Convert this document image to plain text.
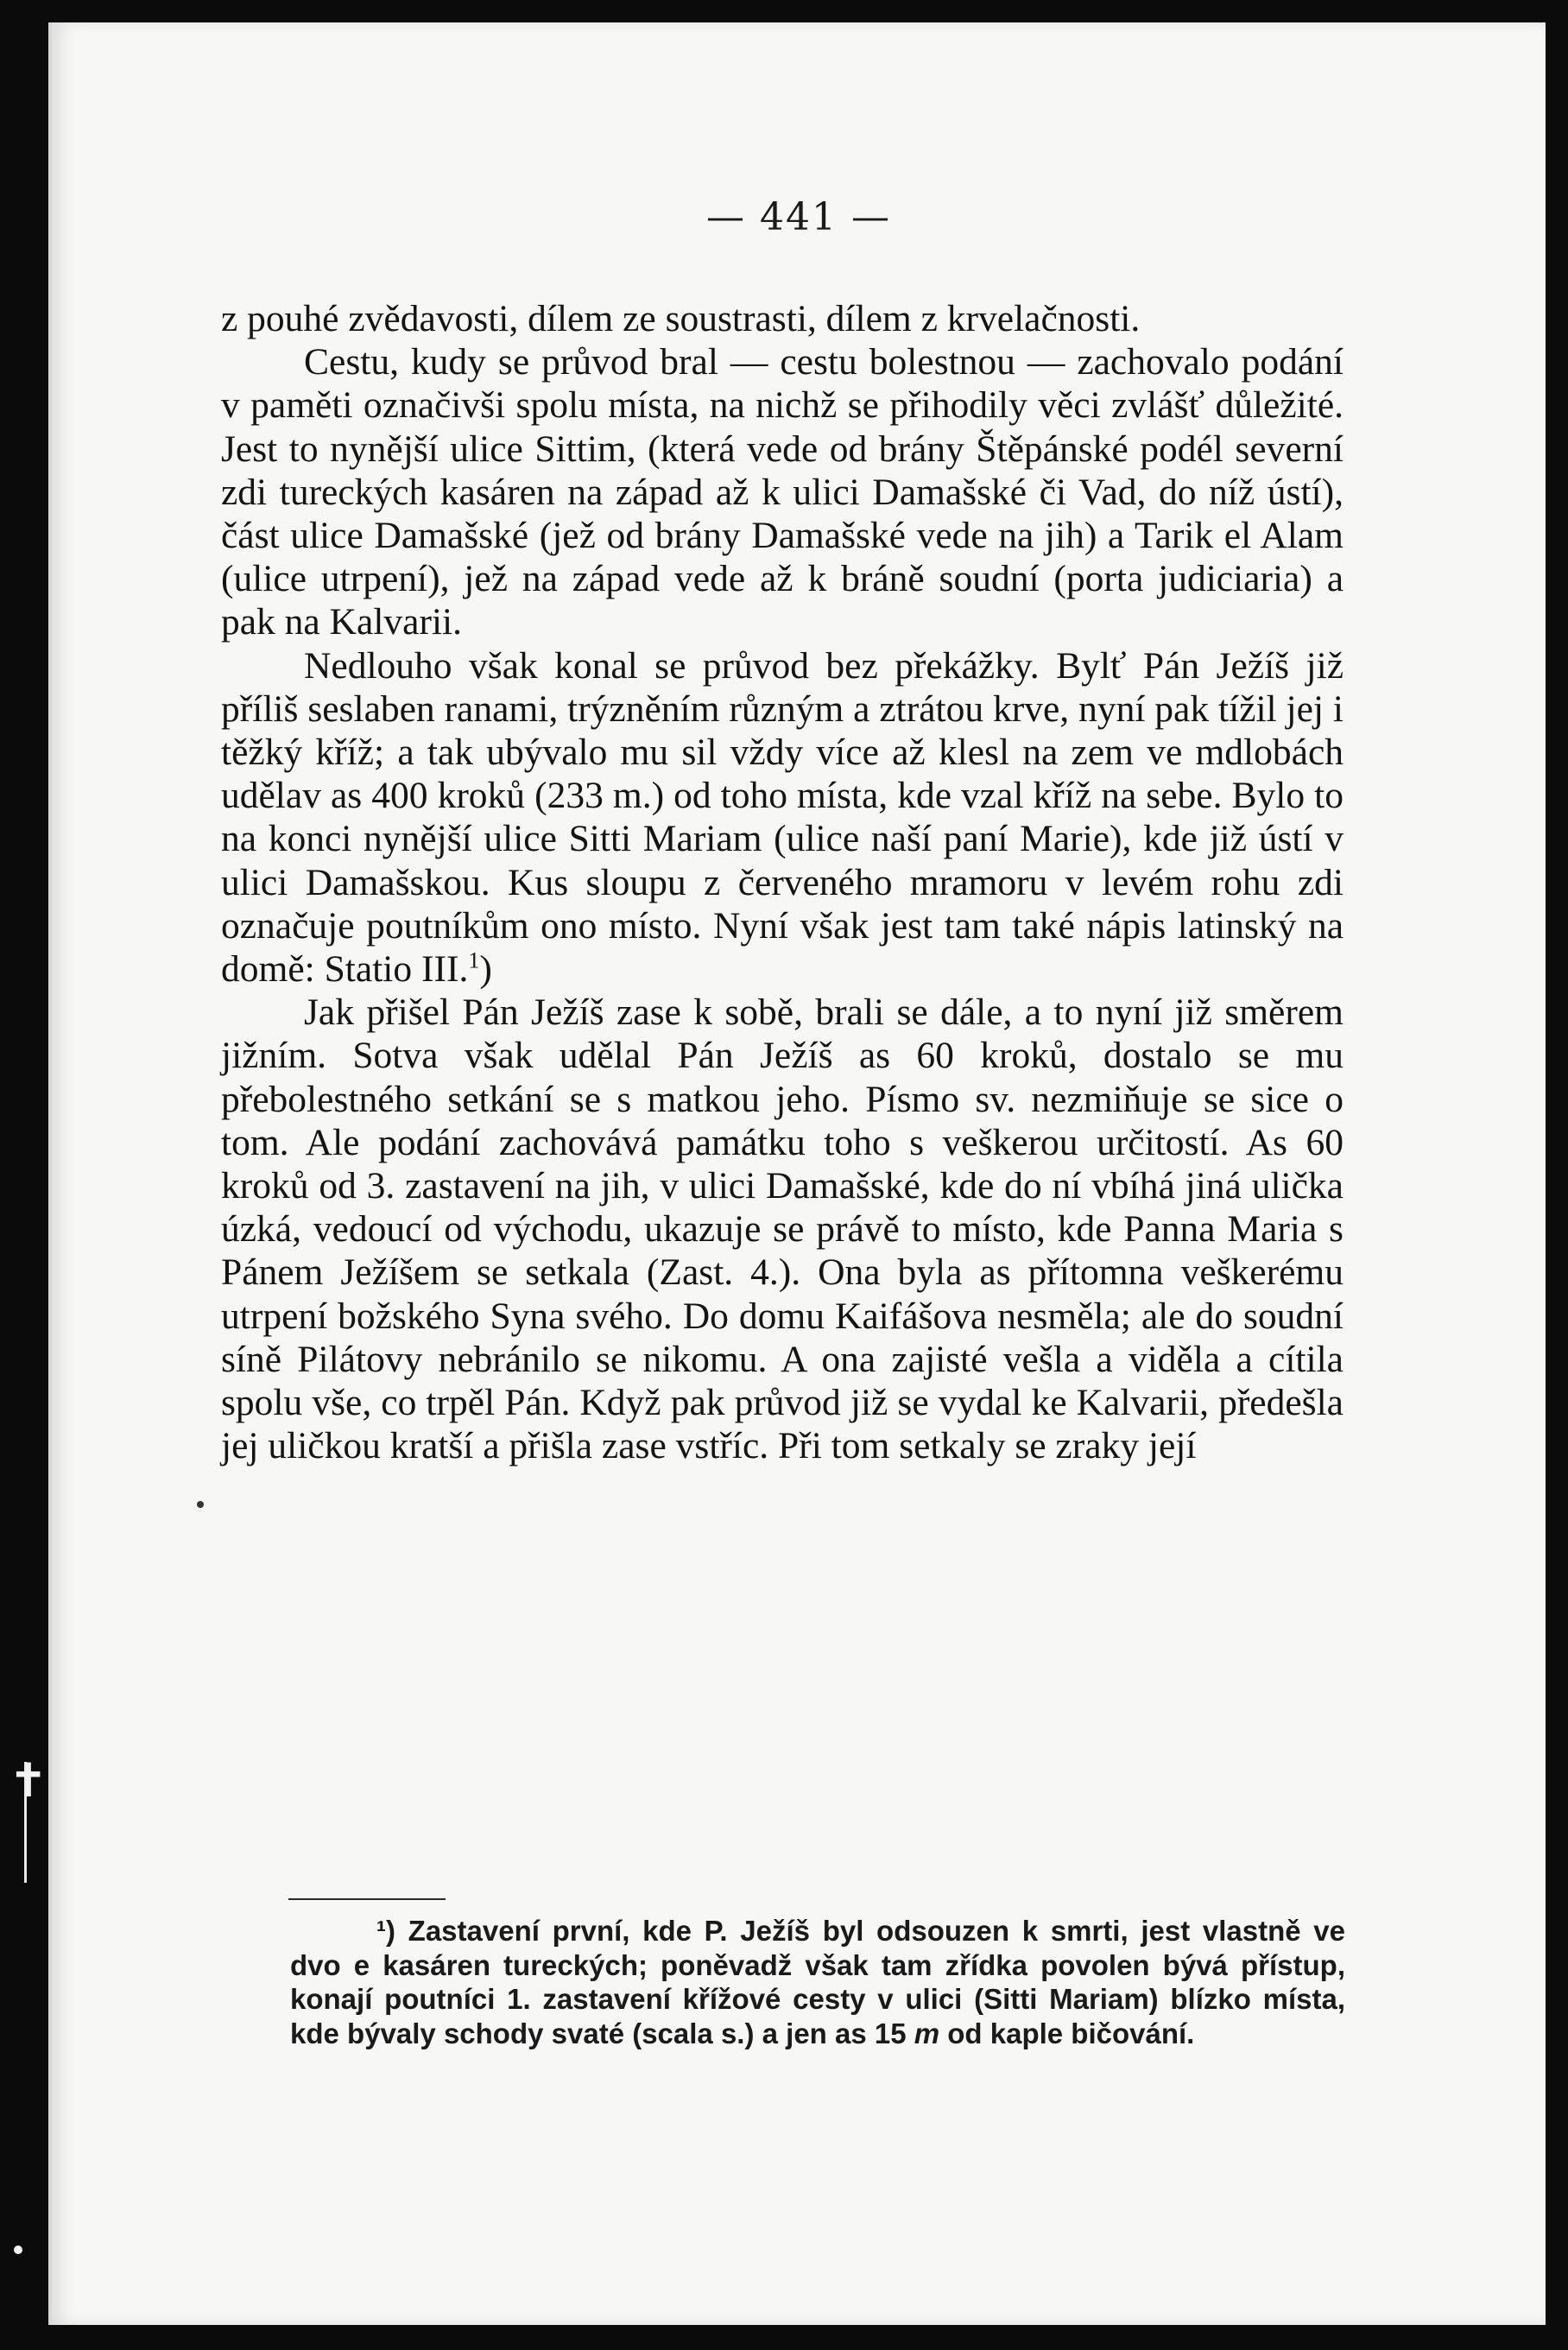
✝
— 441 —

z pouhé zvědavosti, dílem ze soustrasti, dílem z krvelačnosti.

Cestu, kudy se průvod bral — cestu bolestnou — zachovalo podání v paměti označivši spolu místa, na nichž se přihodily věci zvlášť důležité. Jest to nynější ulice Sittim, (která vede od brány Štěpánské podél severní zdi tureckých kasáren na západ až k ulici Damašské či Vad, do níž ústí), část ulice Damašské (jež od brány Damašské vede na jih) a Tarik el Alam (ulice utrpení), jež na západ vede až k bráně soudní (porta judiciaria) a pak na Kalvarii.

Nedlouho však konal se průvod bez překážky. Bylť Pán Ježíš již příliš seslaben ranami, trýzněním různým a ztrátou krve, nyní pak tížil jej i těžký kříž; a tak ubývalo mu sil vždy více až klesl na zem ve mdlobách udělav as 400 kroků (233 m.) od toho místa, kde vzal kříž na sebe. Bylo to na konci nynější ulice Sitti Mariam (ulice naší paní Marie), kde již ústí v ulici Damašskou. Kus sloupu z červeného mramoru v levém rohu zdi označuje poutníkům ono místo. Nyní však jest tam také nápis latinský na domě: Statio III.$^1$)

Jak přišel Pán Ježíš zase k sobě, brali se dále, a to nyní již směrem jižním. Sotva však udělal Pán Ježíš as 60 kroků, dostalo se mu přebolestného setkání se s matkou jeho. Písmo sv. nezmiňuje se sice o tom. Ale podání zachovává památku toho s veškerou určitostí. As 60 kroků od 3. zastavení na jih, v ulici Damašské, kde do ní vbíhá jiná ulička úzká, vedoucí od východu, ukazuje se právě to místo, kde Panna Maria s Pánem Ježíšem se setkala (Zast. 4.). Ona byla as přítomna veškerému utrpení božského Syna svého. Do domu Kaifášova nesměla; ale do soudní síně Pilátovy nebránilo se nikomu. A ona zajisté vešla a viděla a cítila spolu vše, co trpěl Pán. Když pak průvod již se vydal ke Kalvarii, předešla jej uličkou kratší a přišla zase vstříc. Při tom setkaly se zraky její

¹) Zastavení první, kde P. Ježíš byl odsouzen k smrti, jest vlastně ve dvo e kasáren tureckých; poněvadž však tam zřídka povolen bývá přístup, konají poutníci 1. zastavení křížové cesty v ulici (Sitti Mariam) blízko místa, kde bývaly schody svaté (scala s.) a jen as 15 m od kaple bičování.
